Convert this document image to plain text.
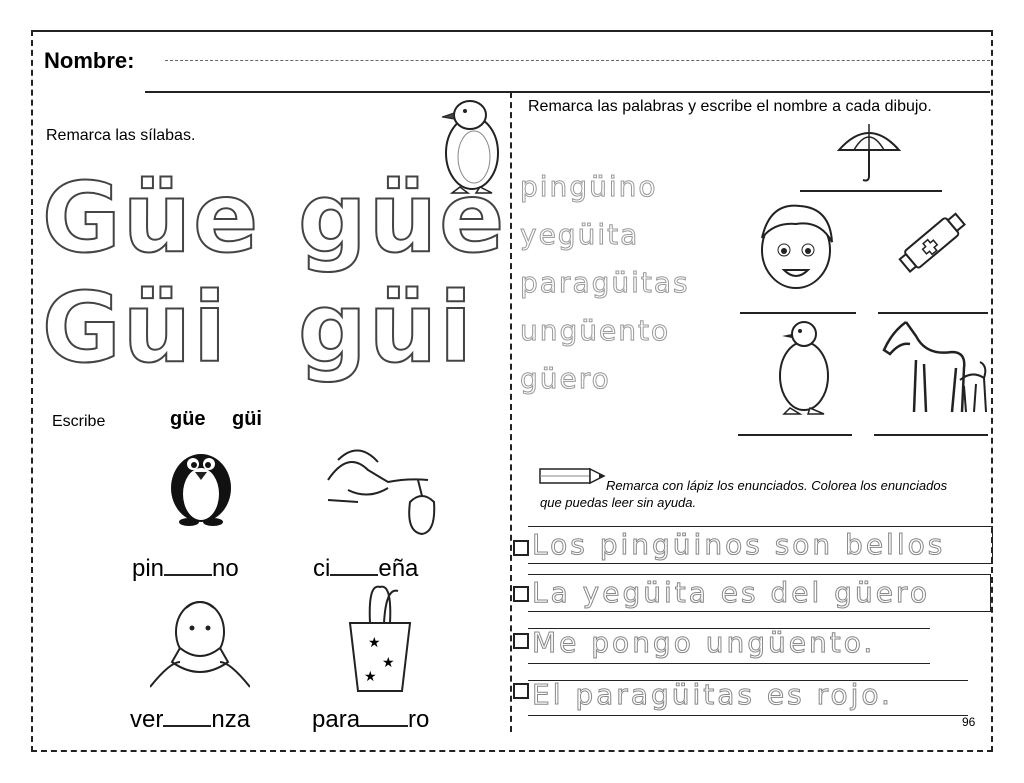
Nombre:
Remarca las sílabas.
Güe güe
Güi güi
Escribe	güe güi
pin no	ci eña
★
★
★
ver nza	para ro
Remarca las palabras y escribe el nombre a cada dibujo.
pingüino
yegüita
paragüitas
ungüento
güero
Remarca con lápiz los enunciados. Colorea los enunciados que puedas leer sin ayuda.
Los pingüinos son bellos
La yegüita es del güero
Me pongo ungüento.
El paragüitas es rojo.
96
